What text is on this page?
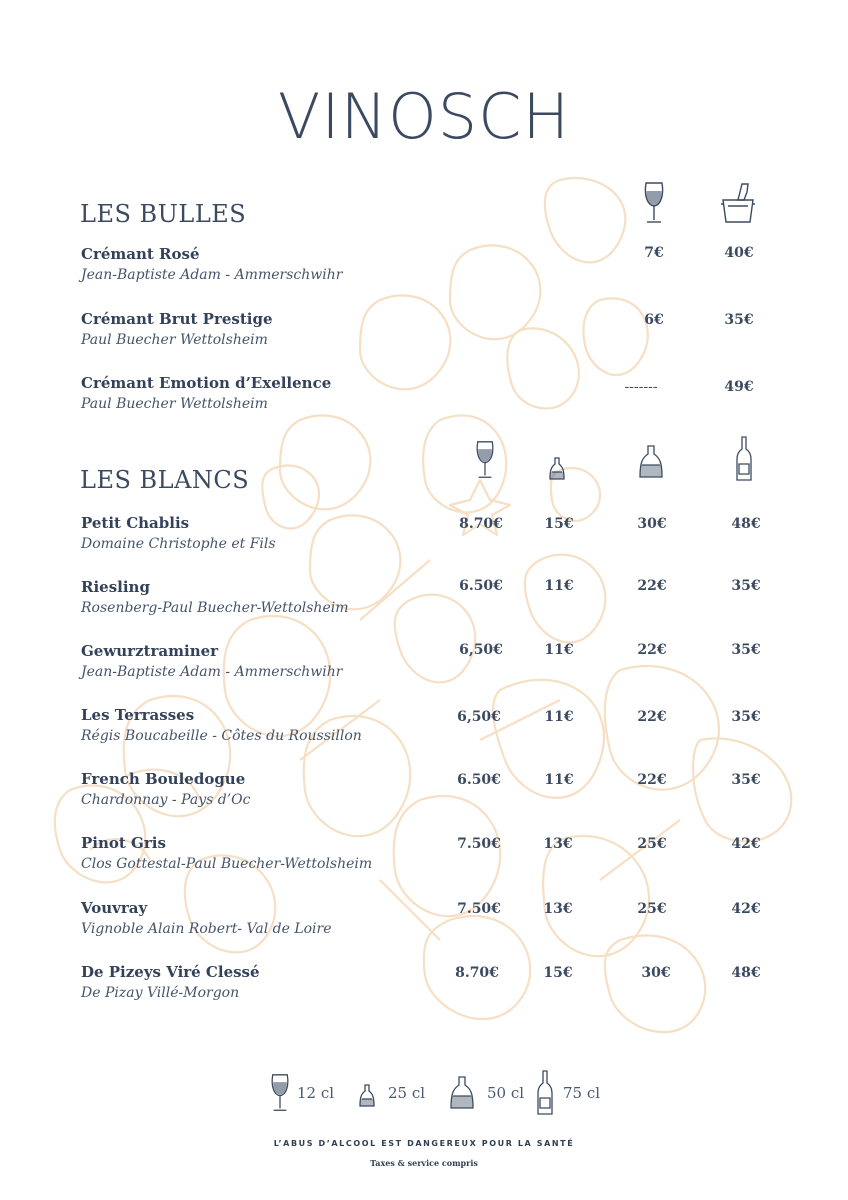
VINOSCH
LES BULLES
Crémant Rosé
Jean-Baptiste Adam - Ammerschwihr
7€	40€
Crémant Brut Prestige
Paul Buecher Wettolsheim
6€	35€
Crémant Emotion d’Exellence
Paul Buecher Wettolsheim
-------	49€
LES BLANCS
Petit Chablis
Domaine Christophe et Fils
8.70€	15€	30€	48€
Riesling
Rosenberg-Paul Buecher-Wettolsheim
6.50€	11€	22€	35€
Gewurztraminer
Jean-Baptiste Adam - Ammerschwihr
6,50€	11€	22€	35€
Les Terrasses
Régis Boucabeille - Côtes du Roussillon
6,50€	11€	22€	35€
French Bouledogue
Chardonnay - Pays d’Oc
6.50€	11€	22€	35€
Pinot Gris
Clos Gottestal-Paul Buecher-Wettolsheim
7.50€	13€	25€	42€
Vouvray
Vignoble Alain Robert- Val de Loire
7.50€	13€	25€	42€
De Pizeys Viré Clessé
De Pizay Villé-Morgon
8.70€	15€	30€	48€
12 cl	25 cl	50 cl	75 cl
L’ABUS D’ALCOOL EST DANGEREUX POUR LA SANTÉ
Taxes & service compris
